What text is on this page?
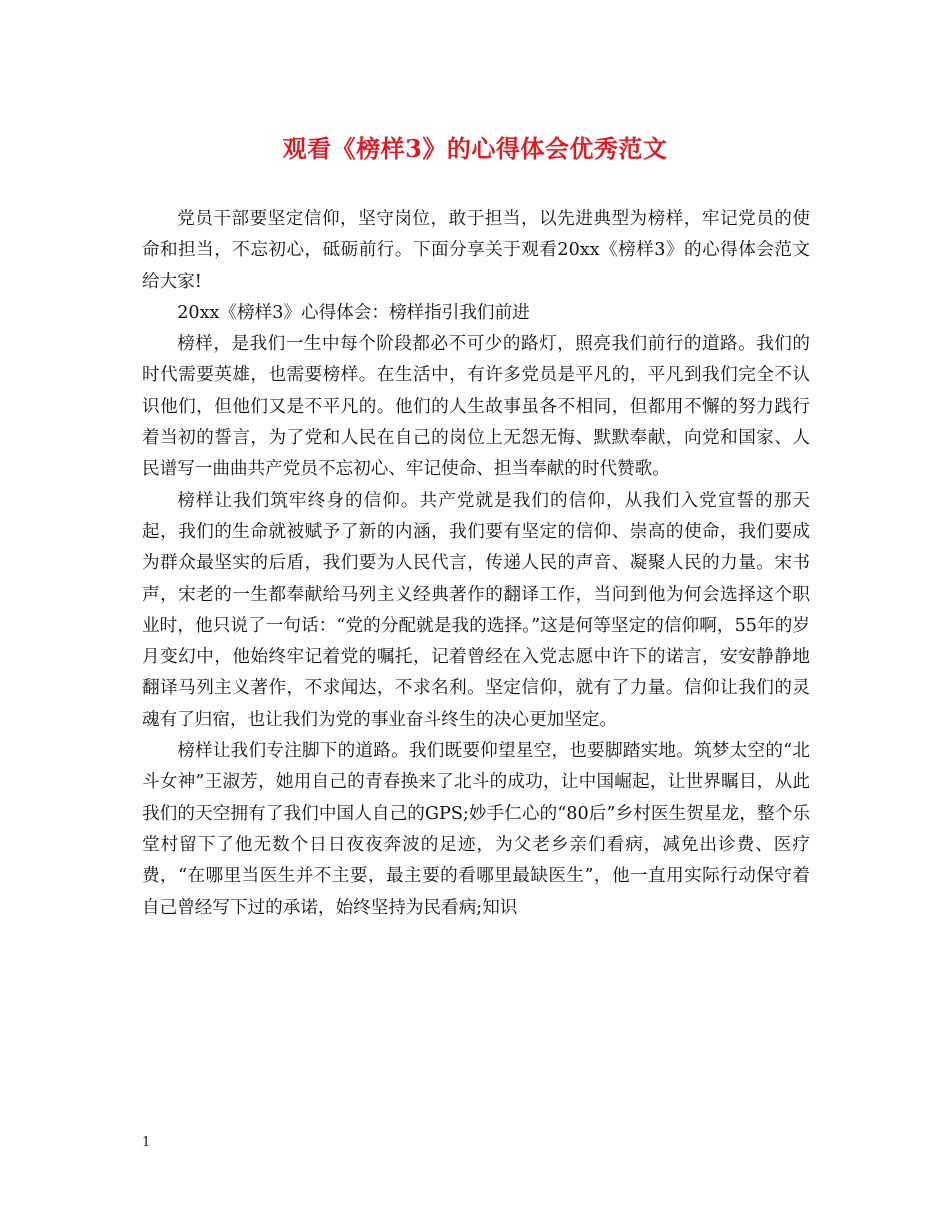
观看《榜样3》的心得体会优秀范文

党员干部要坚定信仰，坚守岗位，敢于担当，以先进典型为榜样，牢记党员的使命和担当，不忘初心，砥砺前行。下面分享关于观看20xx《榜样3》的心得体会范文给大家!

20xx《榜样3》心得体会：榜样指引我们前进

榜样，是我们一生中每个阶段都必不可少的路灯，照亮我们前行的道路。我们的时代需要英雄，也需要榜样。在生活中，有许多党员是平凡的，平凡到我们完全不认识他们，但他们又是不平凡的。他们的人生故事虽各不相同，但都用不懈的努力践行着当初的誓言，为了党和人民在自己的岗位上无怨无悔、默默奉献，向党和国家、人民谱写一曲曲共产党员不忘初心、牢记使命、担当奉献的时代赞歌。

榜样让我们筑牢终身的信仰。共产党就是我们的信仰，从我们入党宣誓的那天起，我们的生命就被赋予了新的内涵，我们要有坚定的信仰、崇高的使命，我们要成为群众最坚实的后盾，我们要为人民代言，传递人民的声音、凝聚人民的力量。宋书声，宋老的一生都奉献给马列主义经典著作的翻译工作，当问到他为何会选择这个职业时，他只说了一句话：“党的分配就是我的选择。”这是何等坚定的信仰啊，55年的岁月变幻中，他始终牢记着党的嘱托，记着曾经在入党志愿中许下的诺言，安安静静地翻译马列主义著作，不求闻达，不求名利。坚定信仰，就有了力量。信仰让我们的灵魂有了归宿，也让我们为党的事业奋斗终生的决心更加坚定。

榜样让我们专注脚下的道路。我们既要仰望星空，也要脚踏实地。筑梦太空的“北斗女神”王淑芳，她用自己的青春换来了北斗的成功，让中国崛起，让世界瞩目，从此我们的天空拥有了我们中国人自己的GPS;妙手仁心的“80后”乡村医生贺星龙，整个乐堂村留下了他无数个日日夜夜奔波的足迹，为父老乡亲们看病，减免出诊费、医疗费，“在哪里当医生并不主要，最主要的看哪里最缺医生”，他一直用实际行动保守着自己曾经写下过的承诺，始终坚持为民看病;知识

1
